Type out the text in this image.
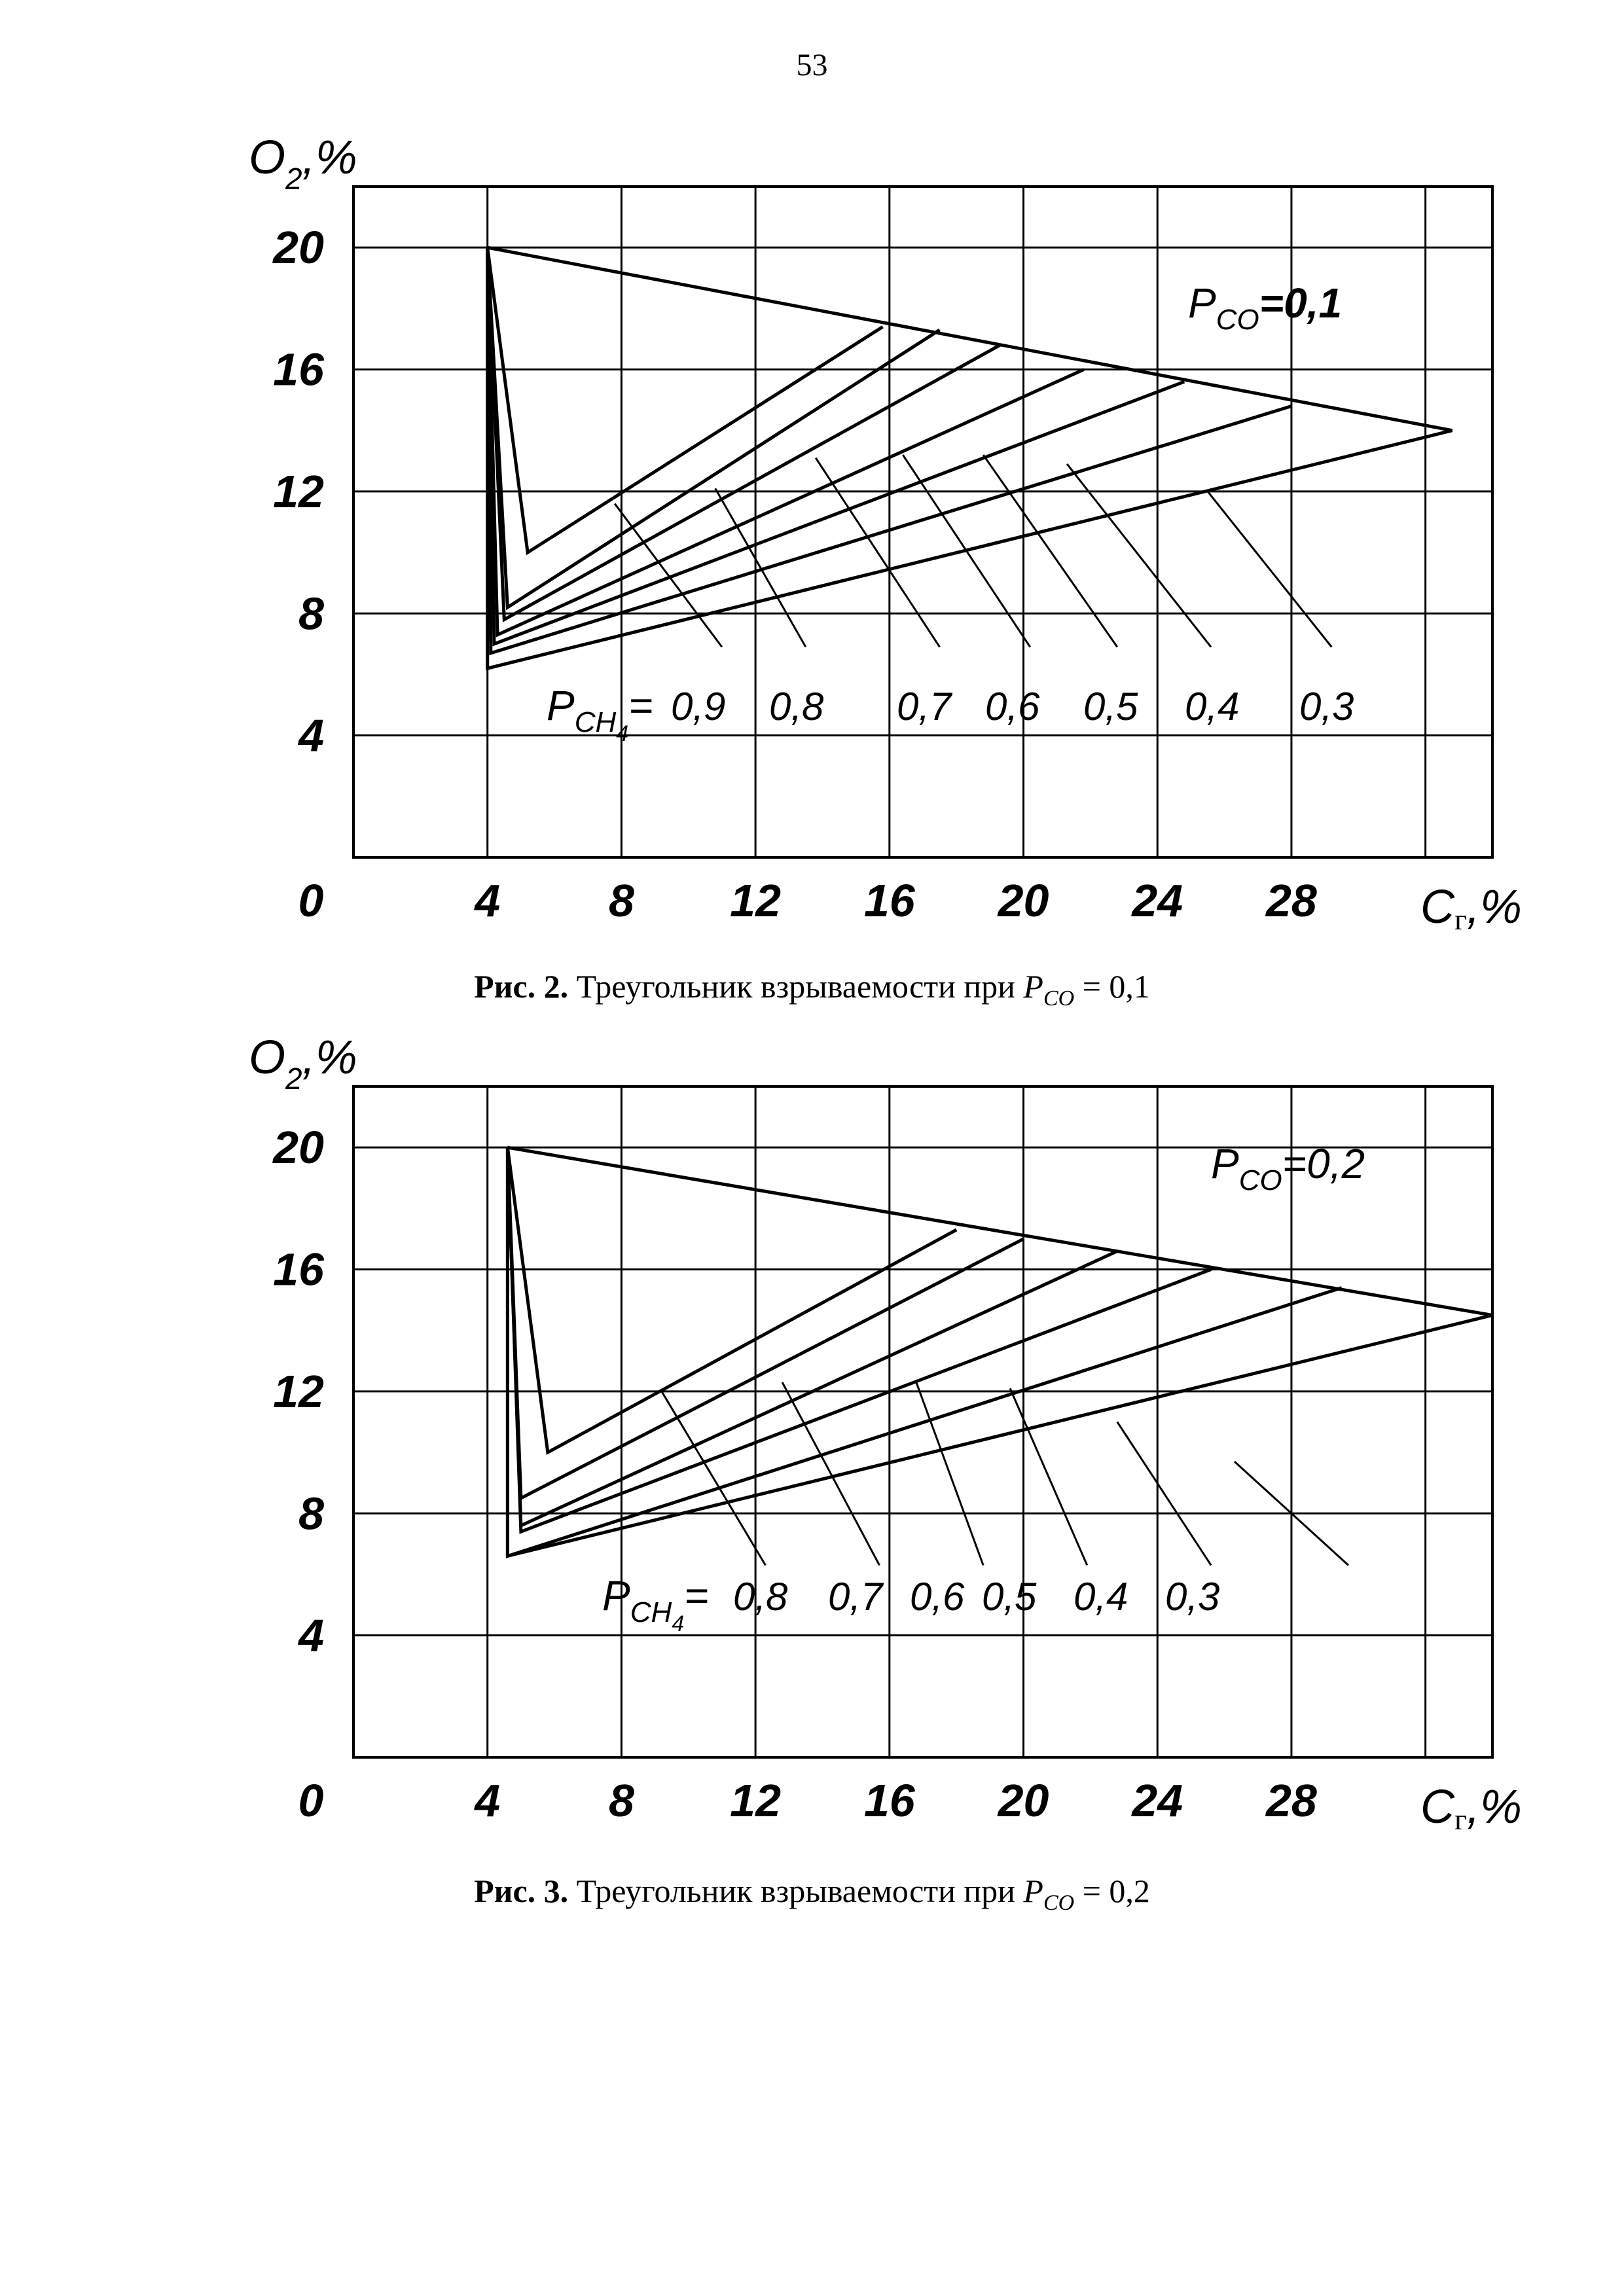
53
20
16
12
8
4
0	4 8 12 16 20 24 28
$O_2,\%$
Cг,%
$P_{CO}=0,1$
$P_{CH4}= 0,9$ 0,8 0,7 0,6 0,5 0,4 0,3
Рис. 2. Треугольник взрываемости при $P_{CO} = 0,1$
20
16
12
8
4
0	4 8 12 16 20 24 28
$O_2,\%$
Cг,%
$P_{CO}=0,2$
$P_{CH4}= 0,8$ 0,7 0,6 0,5 0,4 0,3
Рис. 3. Треугольник взрываемости при $P_{CO} = 0,2$
